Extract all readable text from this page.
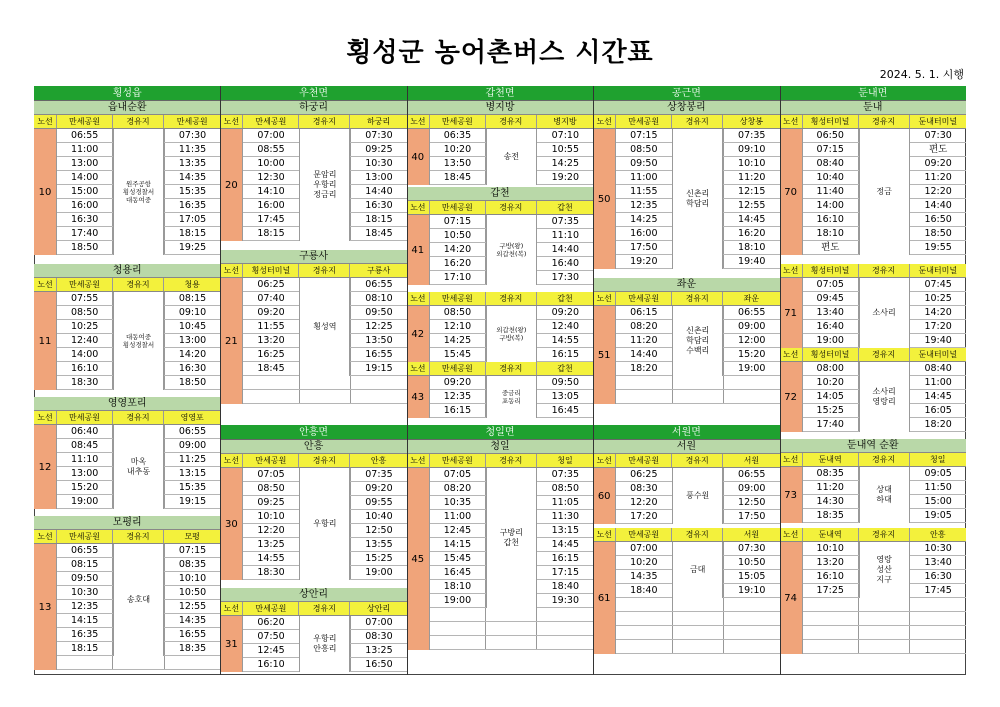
횡성군 농어촌버스 시간표
2024. 5. 1. 시행
횡성읍
읍내순환
노선	만세공원	경유지	만세공원
10
06:55	07:30
11:00	11:35
13:00	13:35
14:00	14:35
15:00	15:35
16:00	16:35
16:30	17:05
17:40	18:15
18:50	19:25
원주공항
횡성경찰서
대동여중
청용리
노선	만세공원	경유지	청용
11
07:55	08:15
08:50	09:10
10:25	10:45
12:40	13:00
14:00	14:20
16:10	16:30
18:30	18:50
대동여중
횡성경찰서
영영포리
노선	만세공원	경유지	영영포
12
06:40	06:55
08:45	09:00
11:10	11:25
13:00	13:15
15:20	15:35
19:00	19:15
마옥
내추동
모평리
노선	만세공원	경유지	모평
13
06:55	07:15
08:15	08:35
09:50	10:10
10:30	10:50
12:35	12:55
14:15	14:35
16:35	16:55
18:15	18:35
송호대
우천면
하궁리
노선	만세공원	경유지	하궁리
20
07:00	07:30
08:55	09:25
10:00	10:30
12:30	13:00
14:10	14:40
16:00	16:30
17:45	18:15
18:15	18:45
문암리
우항리
정금리
구룡사
노선	횡성터미널	경유지	구룡사
21
06:25	06:55
07:40	08:10
09:20	09:50
11:55	12:25
13:20	13:50
16:25	16:55
18:45	19:15
횡성역
안흥면
안흥
노선	만세공원	경유지	안흥
30
07:05	07:35
08:50	09:20
09:25	09:55
10:10	10:40
12:20	12:50
13:25	13:55
14:55	15:25
18:30	19:00
우항리
상안리
노선	만세공원	경유지	상안리
31
06:20	07:00
07:50	08:30
12:45	13:25
16:10	16:50
우항리
안흥리
갑천면
병지방
노선	만세공원	경유지	병지방
40
06:35	07:10
10:20	10:55
13:50	14:25
18:45	19:20
송전
갑천
노선	만세공원	경유지	갑천
41
07:15	07:35
10:50	11:10
14:20	14:40
16:20	16:40
17:10	17:30
구방(왕)
외갑천(복)
노선	만세공원	경유지	갑천
42
08:50	09:20
12:10	12:40
14:25	14:55
15:45	16:15
외갑천(왕)
구방(복)
노선	만세공원	경유지	갑천
43
09:20	09:50
12:35	13:05
16:15	16:45
중금리
포동리
청일면
청일
노선	만세공원	경유지	청일
45
07:05	07:35
08:20	08:50
10:35	11:05
11:00	11:30
12:45	13:15
14:15	14:45
15:45	16:15
16:45	17:15
18:10	18:40
19:00	19:30
구방리
갑천
공근면
상창봉리
노선	만세공원	경유지	상창봉
50
07:15	07:35
08:50	09:10
09:50	10:10
11:00	11:20
11:55	12:15
12:35	12:55
14:25	14:45
16:00	16:20
17:50	18:10
19:20	19:40
신촌리
학담리
좌운
노선	만세공원	경유지	좌운
51
06:15	06:55
08:20	09:00
11:20	12:00
14:40	15:20
18:20	19:00
신촌리
학담리
수백리
서원면
서원
노선	만세공원	경유지	서원
60
06:25	06:55
08:30	09:00
12:20	12:50
17:20	17:50
풍수원
노선	만세공원	경유지	서원
61
07:00	07:30
10:20	10:50
14:35	15:05
18:40	19:10
금대
둔내면
둔내
노선	횡성터미널	경유지	둔내터미널
70
06:50	07:30
07:15	편도
08:40	09:20
10:40	11:20
11:40	12:20
14:00	14:40
16:10	16:50
18:10	18:50
편도	19:55
정금
노선	횡성터미널	경유지	둔내터미널
71
07:05	07:45
09:45	10:25
13:40	14:20
16:40	17:20
19:00	19:40
소사리
노선	횡성터미널	경유지	둔내터미널
72
08:00	08:40
10:20	11:00
14:05	14:45
15:25	16:05
17:40	18:20
소사리
영랑리
둔내역 순환
노선	둔내역	경유지	청일
73
08:35	09:05
11:20	11:50
14:30	15:00
18:35	19:05
상대
하대
노선	둔내역	경유지	안흥
74
10:10	10:30
13:20	13:40
16:10	16:30
17:25	17:45
영랑
성산
지구
